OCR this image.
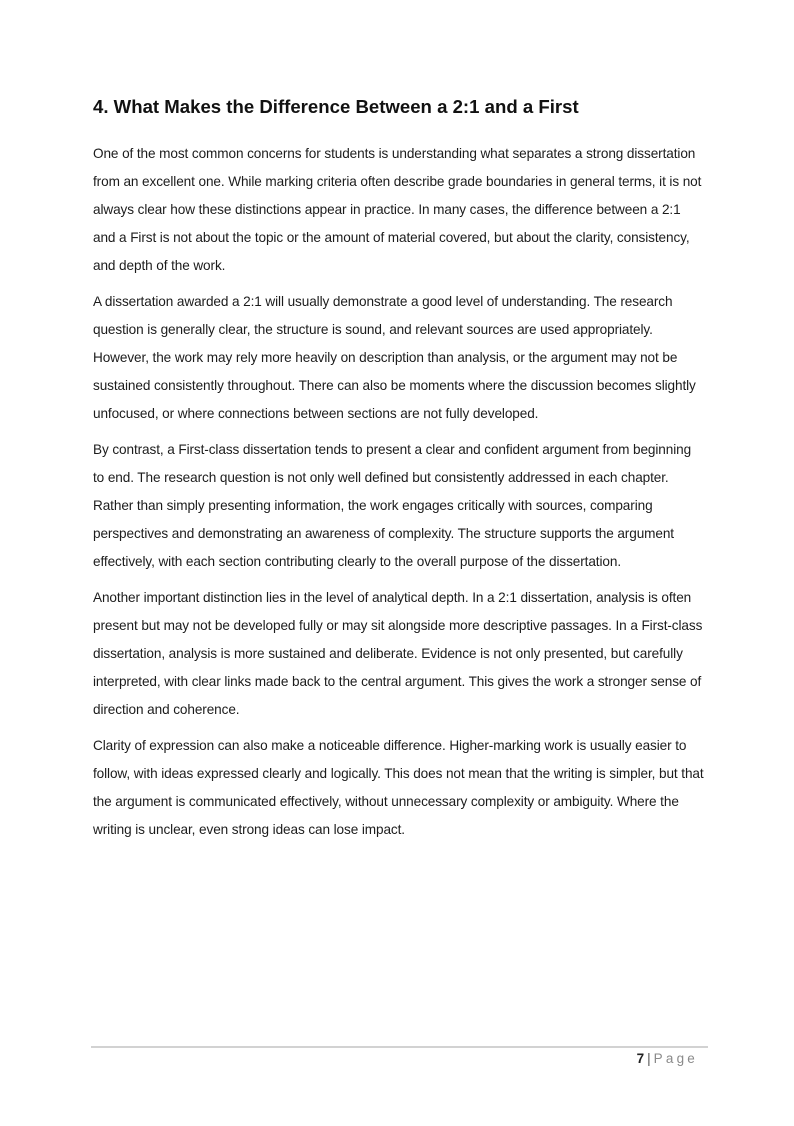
4. What Makes the Difference Between a 2:1 and a First

One of the most common concerns for students is understanding what separates a strong dissertation from an excellent one. While marking criteria often describe grade boundaries in general terms, it is not always clear how these distinctions appear in practice. In many cases, the difference between a 2:1 and a First is not about the topic or the amount of material covered, but about the clarity, consistency, and depth of the work.

A dissertation awarded a 2:1 will usually demonstrate a good level of understanding. The research question is generally clear, the structure is sound, and relevant sources are used appropriately. However, the work may rely more heavily on description than analysis, or the argument may not be sustained consistently throughout. There can also be moments where the discussion becomes slightly unfocused, or where connections between sections are not fully developed.

By contrast, a First-class dissertation tends to present a clear and confident argument from beginning to end. The research question is not only well defined but consistently addressed in each chapter. Rather than simply presenting information, the work engages critically with sources, comparing perspectives and demonstrating an awareness of complexity. The structure supports the argument effectively, with each section contributing clearly to the overall purpose of the dissertation.

Another important distinction lies in the level of analytical depth. In a 2:1 dissertation, analysis is often present but may not be developed fully or may sit alongside more descriptive passages. In a First-class dissertation, analysis is more sustained and deliberate. Evidence is not only presented, but carefully interpreted, with clear links made back to the central argument. This gives the work a stronger sense of direction and coherence.

Clarity of expression can also make a noticeable difference. Higher-marking work is usually easier to follow, with ideas expressed clearly and logically. This does not mean that the writing is simpler, but that the argument is communicated effectively, without unnecessary complexity or ambiguity. Where the writing is unclear, even strong ideas can lose impact.

7 | Page
